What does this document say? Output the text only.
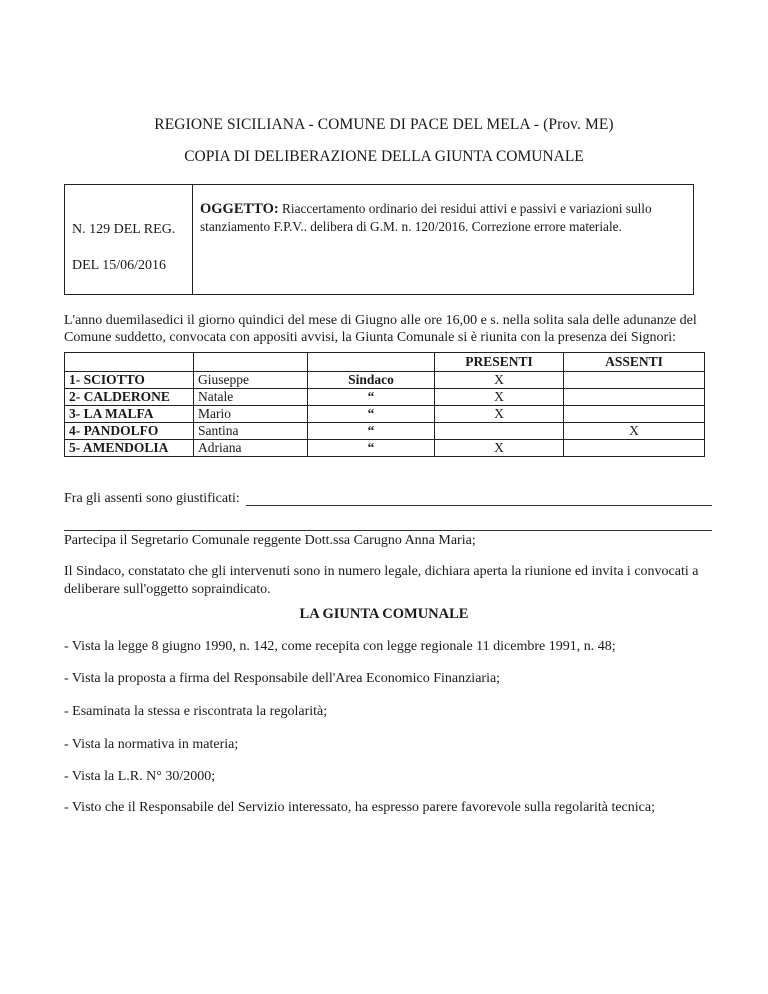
REGIONE SICILIANA - COMUNE DI PACE DEL MELA - (Prov. ME)
COPIA DI DELIBERAZIONE DELLA GIUNTA COMUNALE
N. 129 DEL REG.
DEL 15/06/2016
OGGETTO: Riaccertamento ordinario dei residui attivi e passivi e variazioni sullo stanziamento F.P.V.. delibera di G.M. n. 120/2016. Correzione errore materiale.
L'anno duemilasedici il giorno quindici del mese di Giugno alle ore 16,00 e s. nella solita sala delle adunanze del Comune suddetto, convocata con appositi avvisi, la Giunta Comunale si è riunita con la presenza dei Signori:
			PRESENTI	ASSENTI
1- SCIOTTO	Giuseppe	Sindaco	X	
2- CALDERONE	Natale	“	X	
3- LA MALFA	Mario	“	X	
4- PANDOLFO	Santina	“		X
5- AMENDOLIA	Adriana	“	X	
Fra gli assenti sono giustificati:
Partecipa il Segretario Comunale reggente Dott.ssa Carugno Anna Maria;
Il Sindaco, constatato che gli intervenuti sono in numero legale, dichiara aperta la riunione ed invita i convocati a deliberare sull'oggetto sopraindicato.
LA GIUNTA COMUNALE
- Vista la legge 8 giugno 1990, n. 142, come recepita con legge regionale 11 dicembre 1991, n. 48;
- Vista la proposta a firma del Responsabile dell'Area Economico Finanziaria;
- Esaminata la stessa e riscontrata la regolarità;
- Vista la normativa in materia;
- Vista la L.R. N° 30/2000;
- Visto che il Responsabile del Servizio interessato, ha espresso parere favorevole sulla regolarità tecnica;
